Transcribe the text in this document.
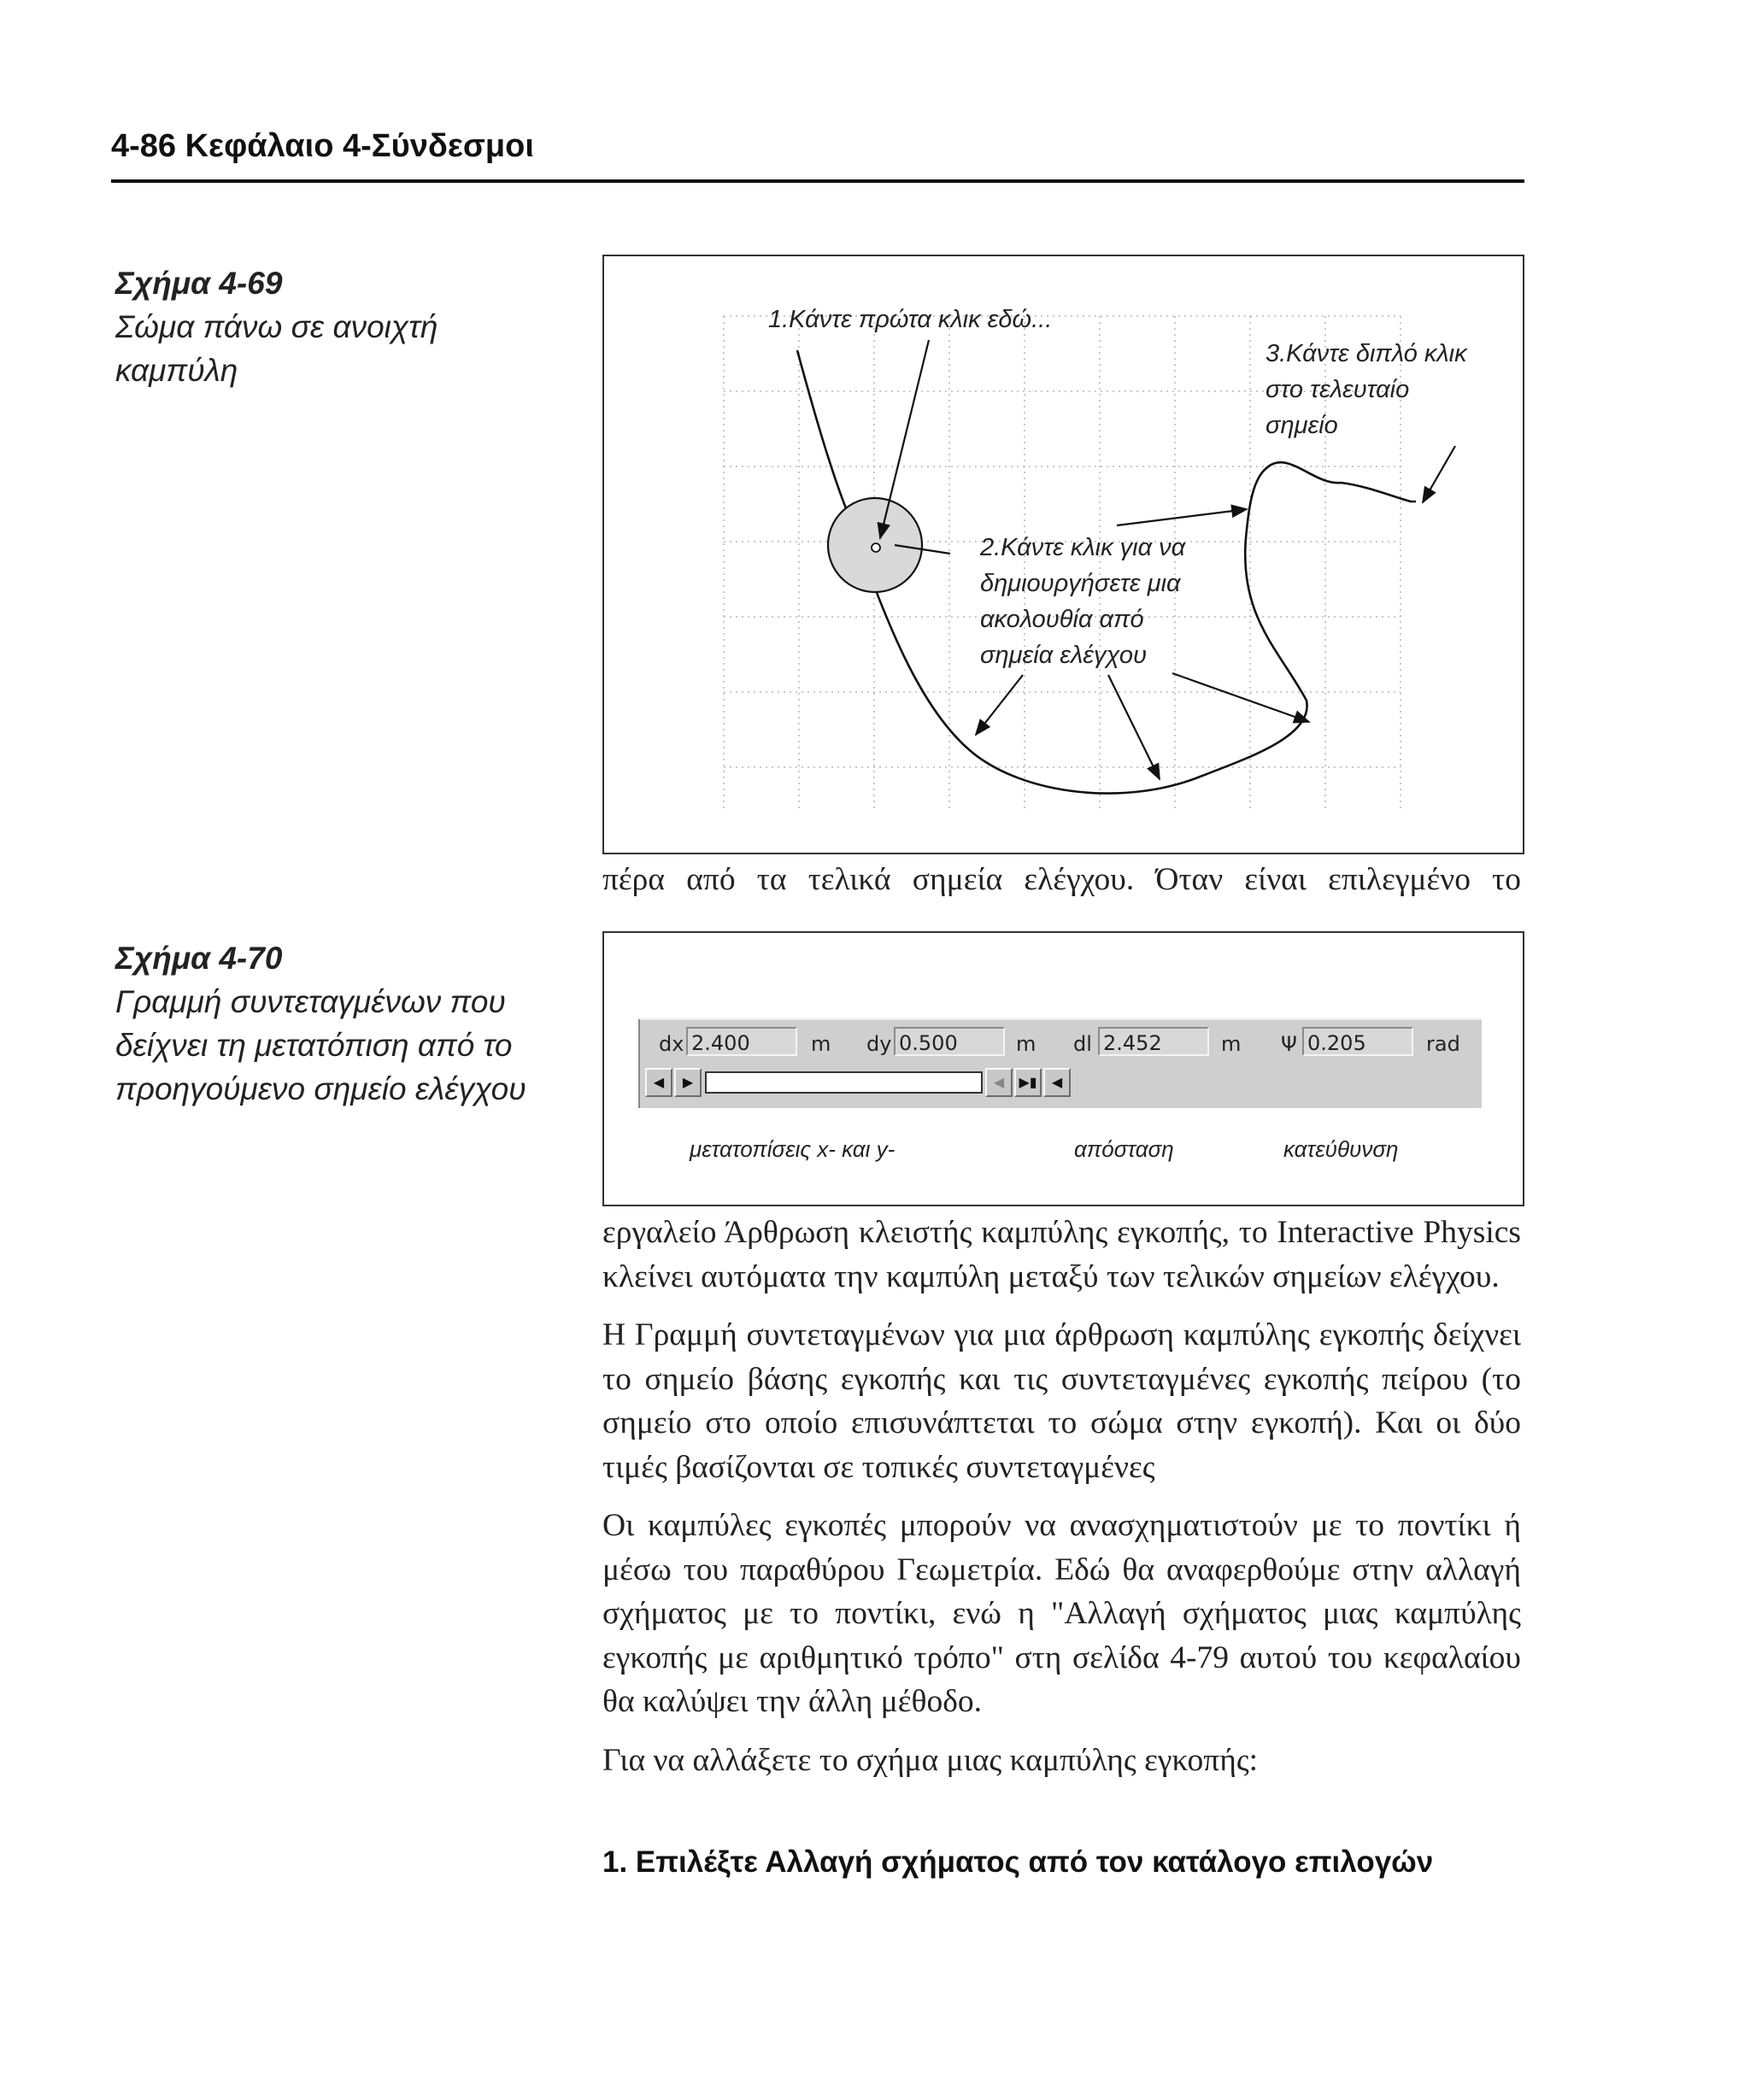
4-86 Κεφάλαιο 4-Σύνδεσμοι
Σχήμα 4-69
Σώμα πάνω σε ανοιχτή καμπύλη
1.Κάντε πρώτα κλικ εδώ...
2.Κάντε κλικ για να
δημιουργήσετε μια
ακολουθία από
σημεία ελέγχου
3.Κάντε διπλό κλικ
στο τελευταίο
σημείο
πέρα από τα τελικά σημεία ελέγχου. Όταν είναι επιλεγμένο το
Σχήμα 4-70
Γραμμή συντεταγμένων που δείχνει τη μετατόπιση από το προηγούμενο σημείο ελέγχου
dx 2.400	m dy 0.500	m dl 2.452	m Ψ 0.205	rad
◀	▶	◀	▶▮	◀
μετατοπίσεις x- και y-	απόσταση	κατεύθυνση

εργαλείο Άρθρωση κλειστής καμπύλης εγκοπής, το Interactive Physics κλείνει αυτόματα την καμπύλη μεταξύ των τελικών σημείων ελέγχου.

Η Γραμμή συντεταγμένων για μια άρθρωση καμπύλης εγκοπής δείχνει το σημείο βάσης εγκοπής και τις συντεταγμένες εγκοπής πείρου (το σημείο στο οποίο επισυνάπτεται το σώμα στην εγκοπή). Και οι δύο τιμές βασίζονται σε τοπικές συντεταγμένες

Οι καμπύλες εγκοπές μπορούν να ανασχηματιστούν με το ποντίκι ή μέσω του παραθύρου Γεωμετρία. Εδώ θα αναφερθούμε στην αλλαγή σχήματος με το ποντίκι, ενώ η "Αλλαγή σχήματος μιας καμπύλης εγκοπής με αριθμητικό τρόπο" στη σελίδα 4-79 αυτού του κεφαλαίου θα καλύψει την άλλη μέθοδο.

Για να αλλάξετε το σχήμα μιας καμπύλης εγκοπής:

1. Επιλέξτε Αλλαγή σχήματος από τον κατάλογο επιλογών
